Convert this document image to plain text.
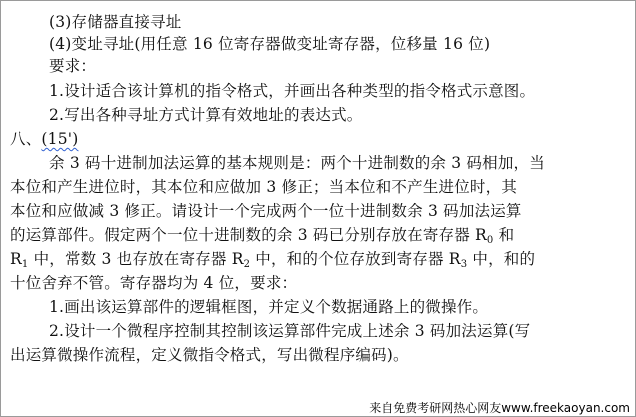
(3)存储器直接寻址
(4)变址寻址(用任意 16 位寄存器做变址寄存器，位移量 16 位)
要求：
1.设计适合该计算机的指令格式，并画出各种类型的指令格式示意图。
2.写出各种寻址方式计算有效地址的表达式。
八、(15')
余 3 码十进制加法运算的基本规则是：两个十进制数的余 3 码相加，当
本位和产生进位时，其本位和应做加 3 修正；当本位和不产生进位时，其
本位和应做减 3 修正。请设计一个完成两个一位十进制数余 3 码加法运算
的运算部件。假定两个一位十进制数的余 3 码已分别存放在寄存器 $R_0$ 和
$R_1$ 中，常数 3 也存放在寄存器 $R_2$ 中，和的个位存放到寄存器 $R_3$ 中，和的
十位舍弃不管。寄存器均为 4 位，要求：
1.画出该运算部件的逻辑框图，并定义个数据通路上的微操作。
2.设计一个微程序控制其控制该运算部件完成上述余 3 码加法运算(写
出运算微操作流程，定义微指令格式，写出微程序编码)。
来自免费考研网热心网友www.freekaoyan.com
